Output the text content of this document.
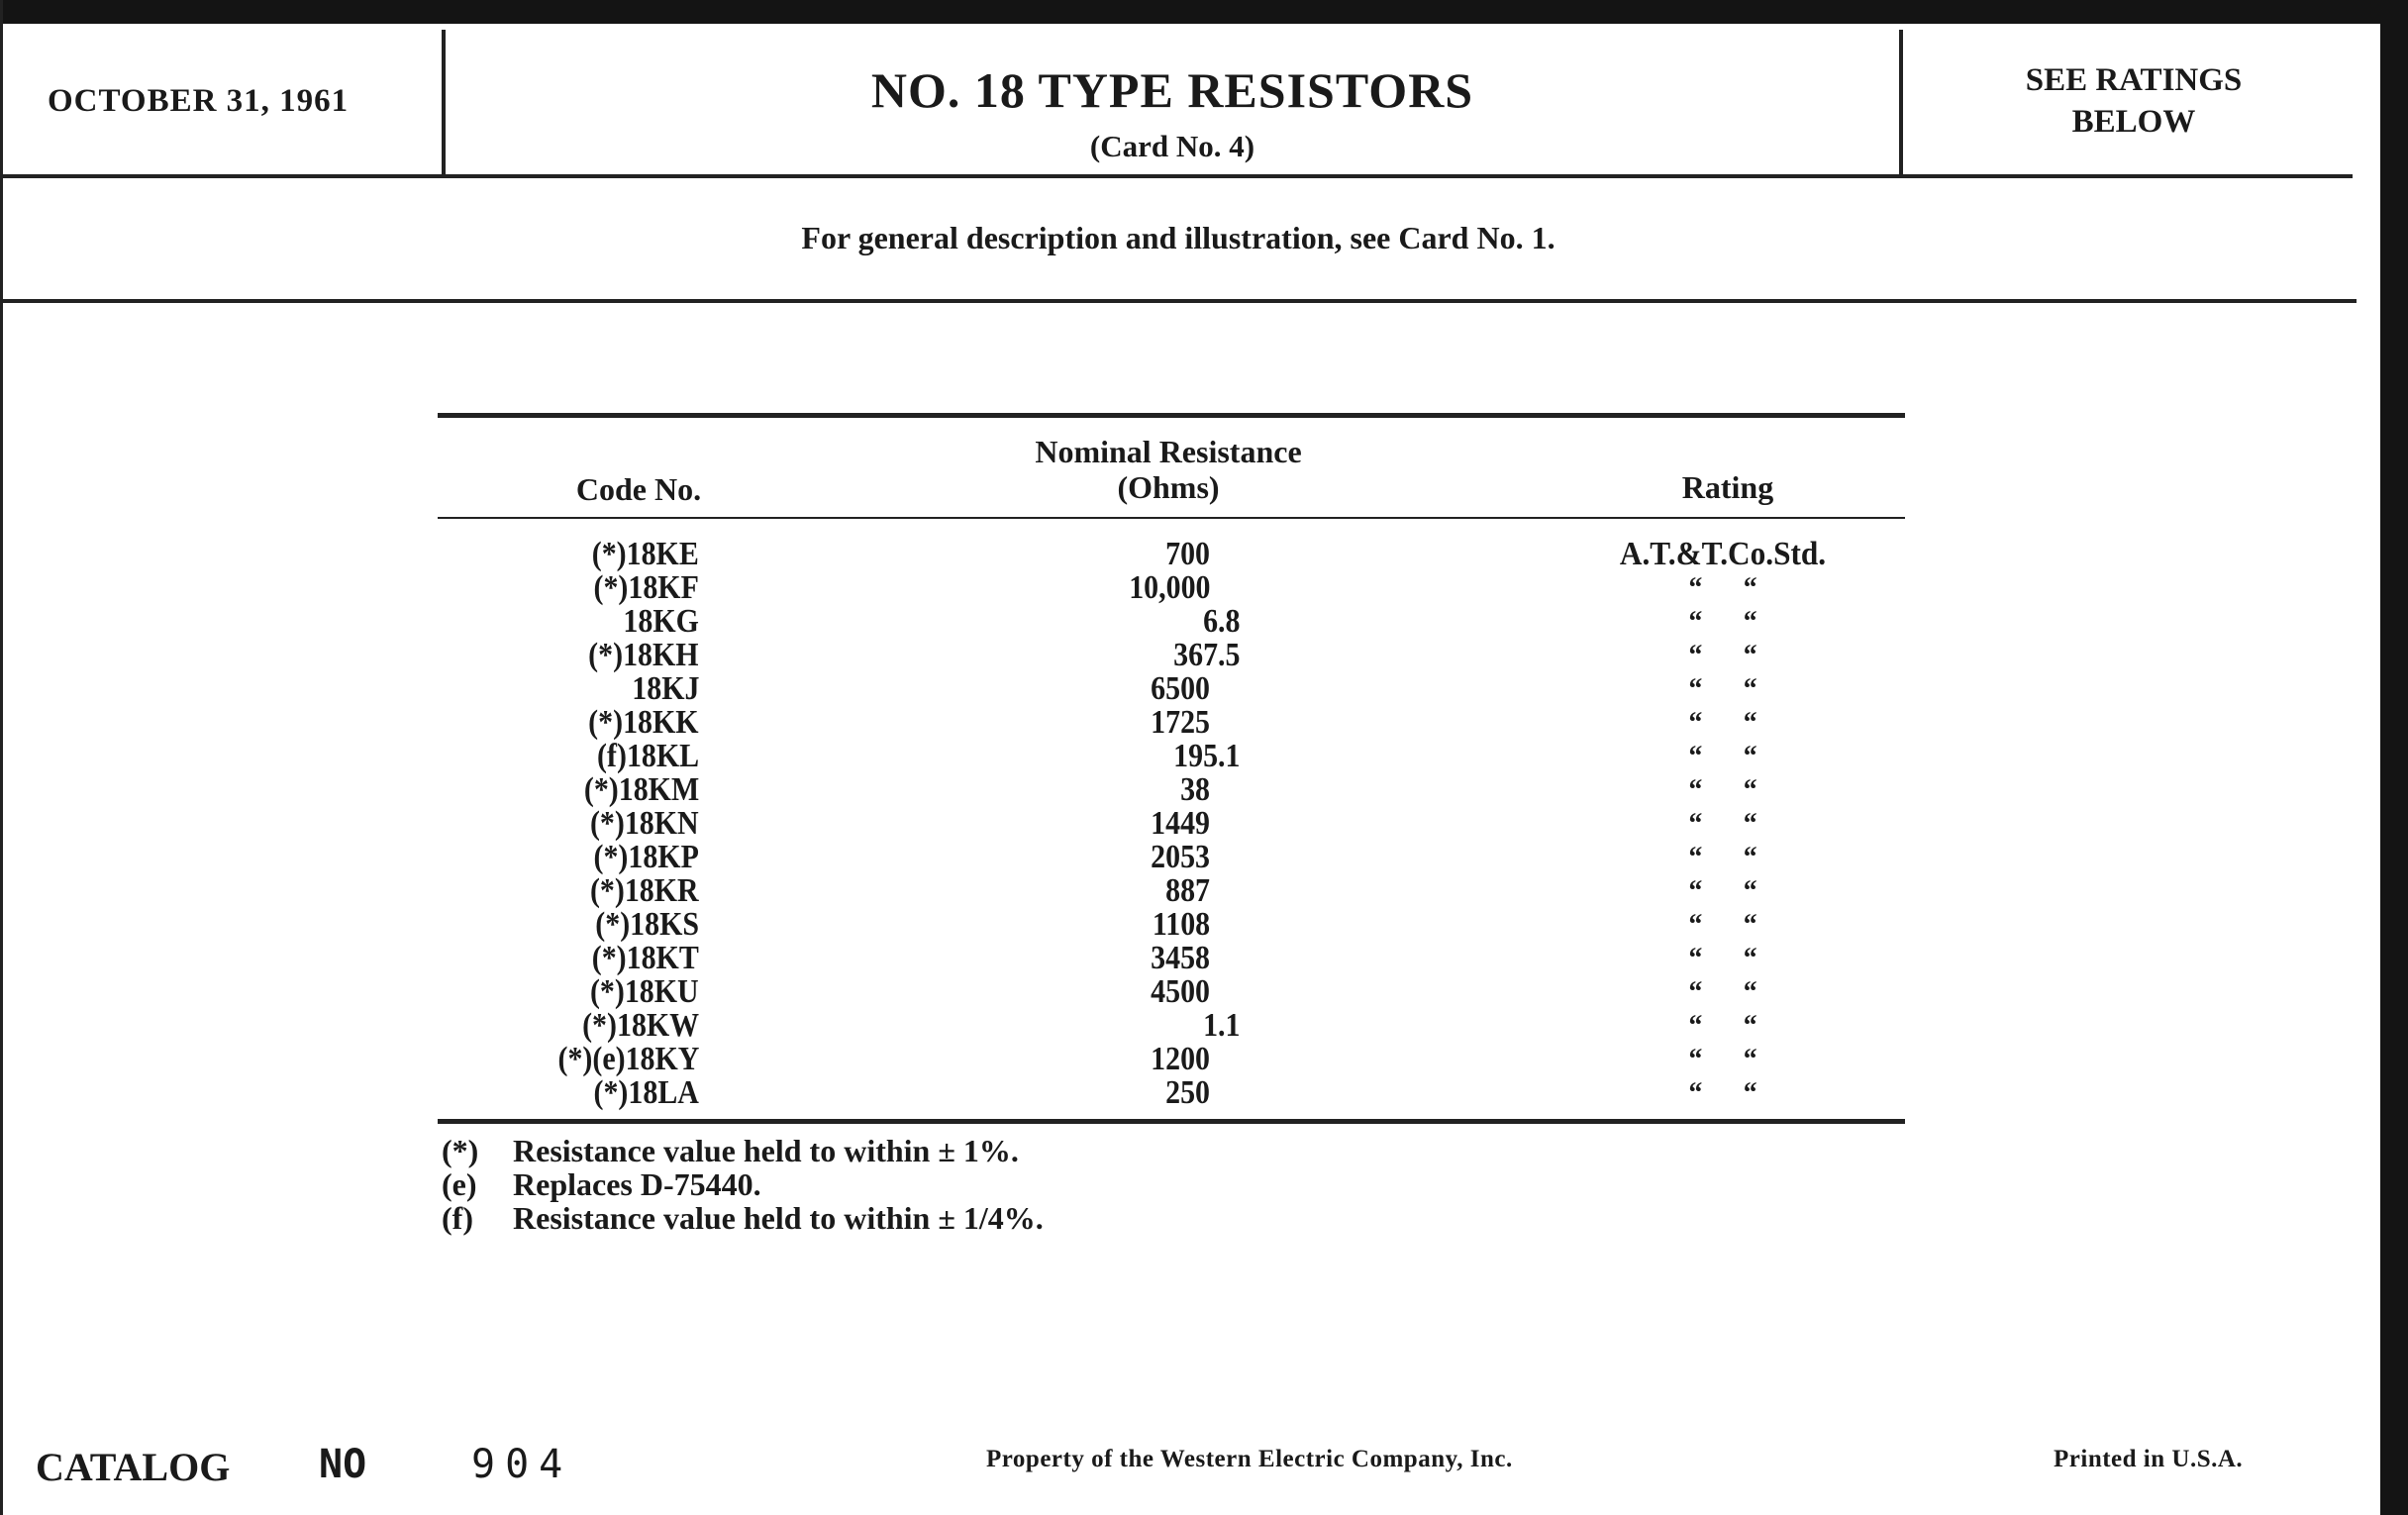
OCTOBER 31, 1961	NO. 18 TYPE RESISTORS
(Card No. 4)
SEE RATINGS
BELOW
For general description and illustration, see Card No. 1.
Code No.
Nominal Resistance
(Ohms)	Rating
(*)18KE	700	A.T.&T.Co.Std.
(*)18KF	10,000	“      “
18KG	6.8	“      “
(*)18KH	367.5	“      “
18KJ	6500	“      “
(*)18KK	1725	“      “
(f)18KL	195.1	“      “
(*)18KM	38	“      “
(*)18KN	1449	“      “
(*)18KP	2053	“      “
(*)18KR	887	“      “
(*)18KS	1108	“      “
(*)18KT	3458	“      “
(*)18KU	4500	“      “
(*)18KW	1.1	“      “
(*)(e)18KY	1200	“      “
(*)18LA	250	“      “
(*) Resistance value held to within ± 1%.
(e) Replaces D-75440.
(f) Resistance value held to within ± 1/4%.
CATALOG NO	904	Property of the Western Electric Company, Inc.	Printed in U.S.A.
